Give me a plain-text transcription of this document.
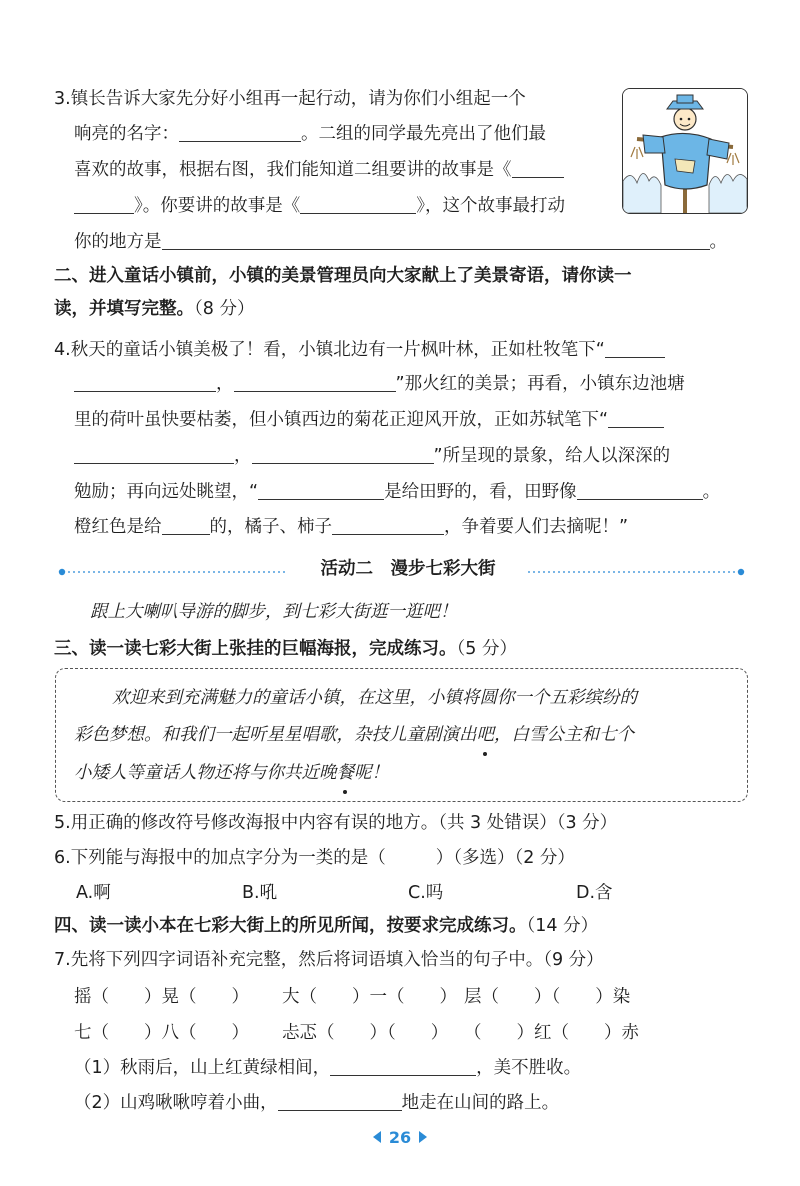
3.镇长告诉大家先分好小组再一起行动，请为你们小组起一个
响亮的名字：	。二组的同学最先亮出了他们最
喜欢的故事，根据右图，我们能知道二组要讲的故事是《
》。你要讲的故事是《	》，这个故事最打动
你的地方是	。
二、进入童话小镇前，小镇的美景管理员向大家献上了美景寄语，请你读一
读，并填写完整。（8 分）
4.秋天的童话小镇美极了！看，小镇北边有一片枫叶林，正如杜牧笔下“
，	”那火红的美景；再看，小镇东边池塘
里的荷叶虽快要枯萎，但小镇西边的菊花正迎风开放，正如苏轼笔下“
，	”所呈现的景象，给人以深深的
勉励；再向远处眺望，“	是给田野的，看，田野像	。
橙红色是给	的，橘子、柿子	，争着要人们去摘呢！”
活动二　漫步七彩大街
跟上大喇叭导游的脚步，到七彩大街逛一逛吧！
三、读一读七彩大街上张挂的巨幅海报，完成练习。（5 分）
欢迎来到充满魅力的童话小镇，在这里，小镇将圆你一个五彩缤纷的
彩色梦想。和我们一起听星星唱歌，杂技儿童剧演出吧，白雪公主和七个
小矮人等童话人物还将与你共近晚餐呢！
5.用正确的修改符号修改海报中内容有误的地方。（共 3 处错误）（3 分）
6.下列能与海报中的加点字分为一类的是（	）（多选）（2 分）
A.啊	B.吼	C.吗	D.含
四、读一读小本在七彩大街上的所见所闻，按要求完成练习。（14 分）
7.先将下列四字词语补充完整，然后将词语填入恰当的句子中。（9 分）
摇（　　）晃（　　） 大（　　）一（　　） 层（　　）（　　）染
七（　　）八（　　） 忐忑（　　）（　　） （　　）红（　　）赤
（1）秋雨后，山上红黄绿相间，	，美不胜收。
（2）山鸡啾啾哼着小曲，	地走在山间的路上。
26
